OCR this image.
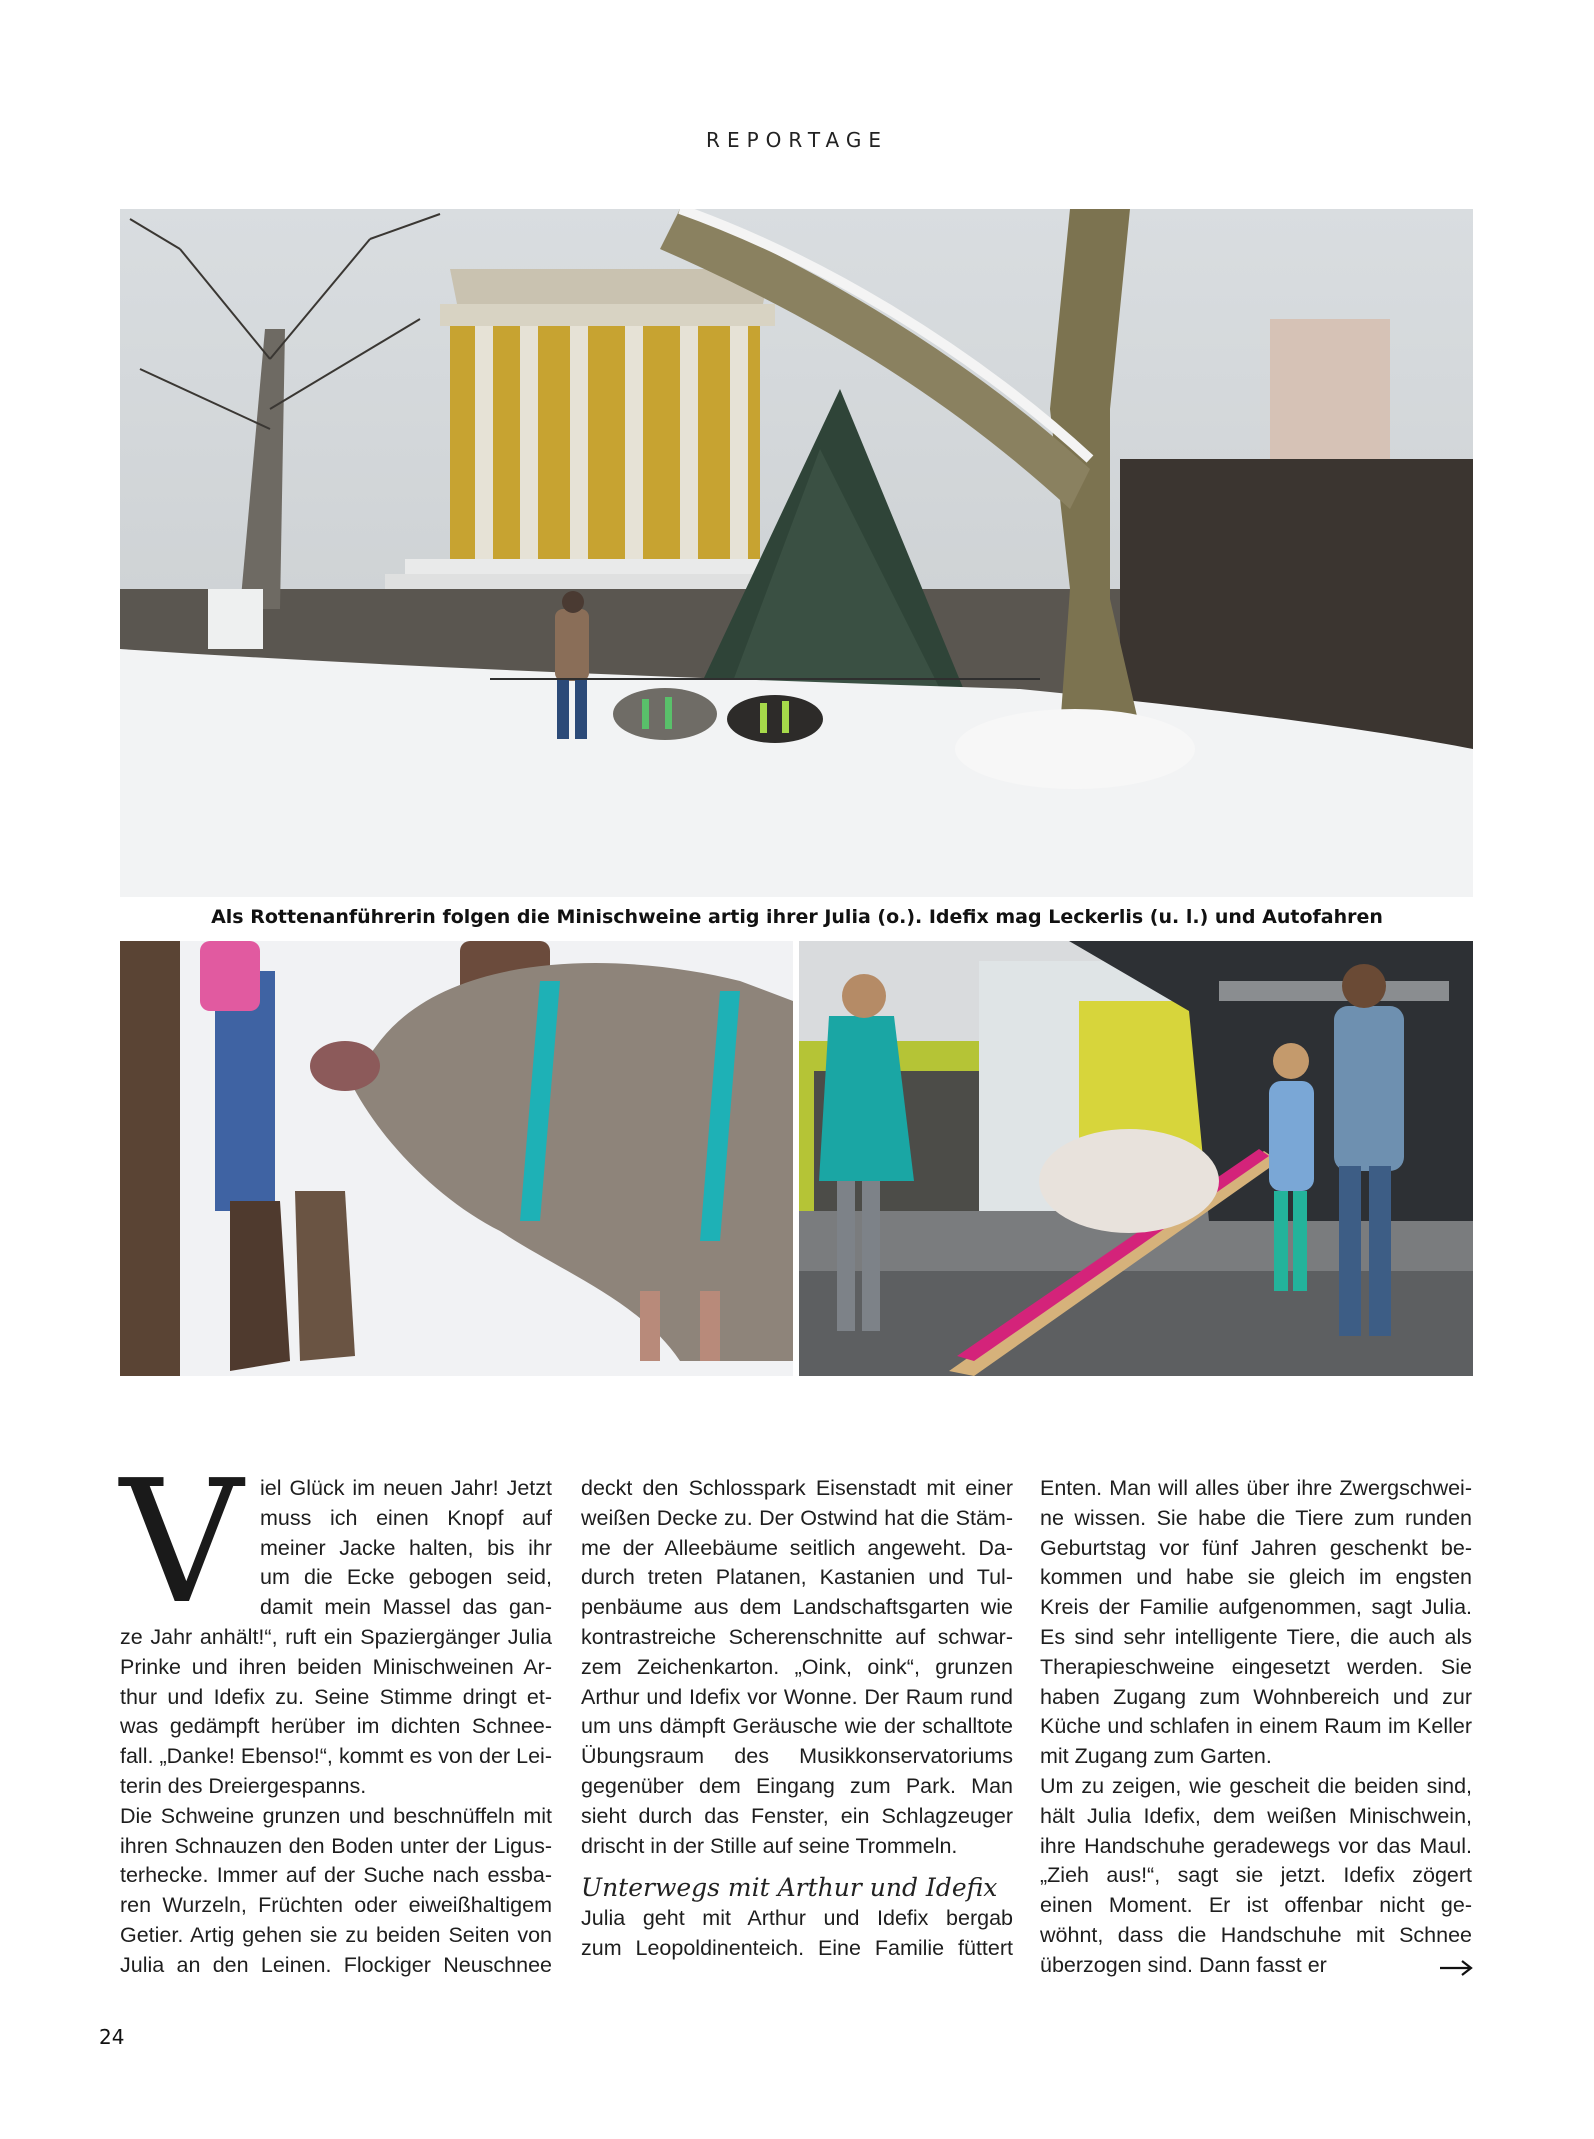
REPORTAGE
Als Rottenanführerin folgen die Minischweine artig ihrer Julia (o.). Idefix mag Leckerlis (u. l.) und Autofahren
V iel Glück im neuen Jahr! Jetzt
muss ich einen Knopf auf
meiner Jacke halten, bis ihr
um die Ecke gebogen seid,
damit mein Massel das gan-
ze Jahr anhält!“, ruft ein Spaziergänger Julia
Prinke und ihren beiden Minischweinen Ar-
thur und Idefix zu. Seine Stimme dringt et-
was gedämpft herüber im dichten Schnee-
fall. „Danke! Ebenso!“, kommt es von der Lei-
terin des Dreiergespanns.
Die Schweine grunzen und beschnüffeln mit
ihren Schnauzen den Boden unter der Ligus-
terhecke. Immer auf der Suche nach essba-
ren Wurzeln, Früchten oder eiweißhaltigem
Getier. Artig gehen sie zu beiden Seiten von
Julia an den Leinen. Flockiger Neuschnee
deckt den Schlosspark Eisenstadt mit einer
weißen Decke zu. Der Ostwind hat die Stäm-
me der Alleebäume seitlich angeweht. Da-
durch treten Platanen, Kastanien und Tul-
penbäume aus dem Landschaftsgarten wie
kontrastreiche Scherenschnitte auf schwar-
zem Zeichenkarton. „Oink, oink“, grunzen
Arthur und Idefix vor Wonne. Der Raum rund
um uns dämpft Geräusche wie der schalltote
Übungsraum des Musikkonservatoriums
gegenüber dem Eingang zum Park. Man
sieht durch das Fenster, ein Schlagzeuger
drischt in der Stille auf seine Trommeln.
Unterwegs mit Arthur und Idefix
Julia geht mit Arthur und Idefix bergab
zum Leopoldinenteich. Eine Familie füttert
Enten. Man will alles über ihre Zwergschwei-
ne wissen. Sie habe die Tiere zum runden
Geburtstag vor fünf Jahren geschenkt be-
kommen und habe sie gleich im engsten
Kreis der Familie aufgenommen, sagt Julia.
Es sind sehr intelligente Tiere, die auch als
Therapieschweine eingesetzt werden. Sie
haben Zugang zum Wohnbereich und zur
Küche und schlafen in einem Raum im Keller
mit Zugang zum Garten.
Um zu zeigen, wie gescheit die beiden sind,
hält Julia Idefix, dem weißen Minischwein,
ihre Handschuhe geradewegs vor das Maul.
„Zieh aus!“, sagt sie jetzt. Idefix zögert
einen Moment. Er ist offenbar nicht ge-
wöhnt, dass die Handschuhe mit Schnee
überzogen sind. Dann fasst er
24
